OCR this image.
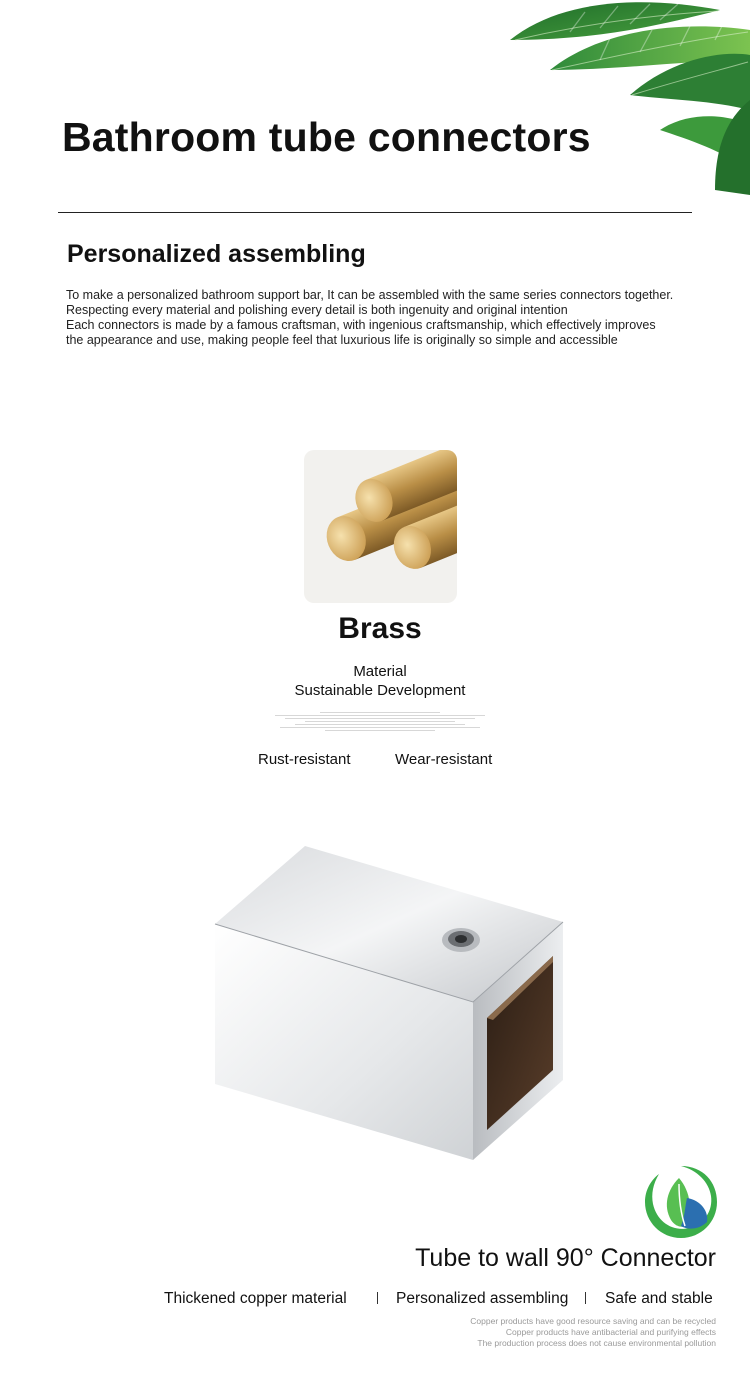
Bathroom tube connectors
Personalized assembling
To make a personalized bathroom support bar, It can be assembled with the same series connectors together.
Respecting every material and polishing every detail is both ingenuity and original intention
Each connectors is made by a famous craftsman, with ingenious craftsmanship, which effectively improves
the appearance and use, making people feel that luxurious life is originally so simple and accessible
Brass
Material
Sustainable Development
Rust-resistant	Wear-resistant
Tube to wall 90° Connector
Thickened copper material	Personalized assembling Safe and stable
Copper products have good resource saving and can be recycled
Copper products have antibacterial and purifying effects
The production process does not cause environmental pollution
